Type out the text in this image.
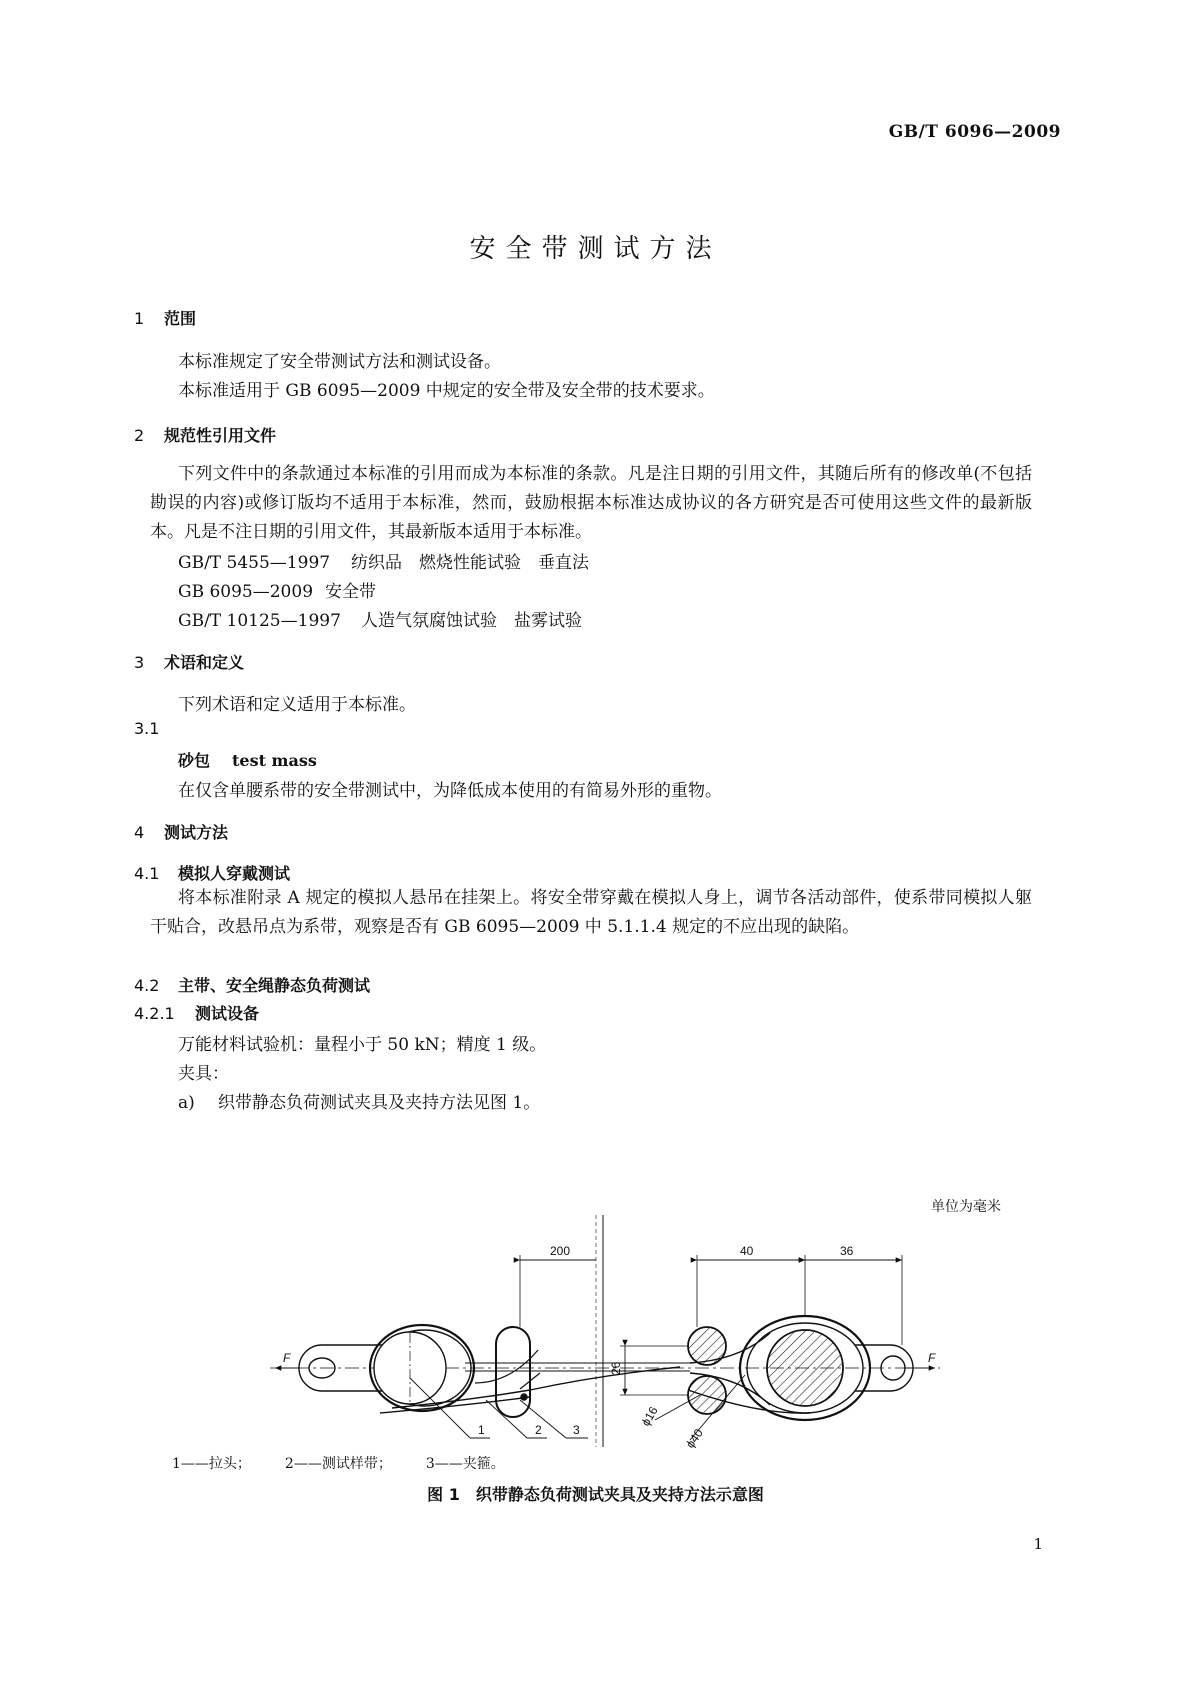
GB/T 6096—2009
安全带测试方法
1 范围
本标准规定了安全带测试方法和测试设备。
本标准适用于 GB 6095—2009 中规定的安全带及安全带的技术要求。
2 规范性引用文件
下列文件中的条款通过本标准的引用而成为本标准的条款。凡是注日期的引用文件，其随后所有的修改单(不包括勘误的内容)或修订版均不适用于本标准，然而，鼓励根据本标准达成协议的各方研究是否可使用这些文件的最新版本。凡是不注日期的引用文件，其最新版本适用于本标准。
GB/T 5455—1997 纺织品　燃烧性能试验　垂直法
GB 6095—2009 安全带
GB/T 10125—1997 人造气氛腐蚀试验　盐雾试验
3 术语和定义
下列术语和定义适用于本标准。
3.1
砂包 test mass
在仅含单腰系带的安全带测试中，为降低成本使用的有简易外形的重物。
4 测试方法
4.1 模拟人穿戴测试
将本标准附录 A 规定的模拟人悬吊在挂架上。将安全带穿戴在模拟人身上，调节各活动部件，使系带同模拟人躯干贴合，改悬吊点为系带，观察是否有 GB 6095—2009 中 5.1.1.4 规定的不应出现的缺陷。
4.2 主带、安全绳静态负荷测试
4.2.1 测试设备
万能材料试验机：量程小于 50 kN；精度 1 级。
夹具：
a) 织带静态负荷测试夹具及夹持方法见图 1。
单位为毫米
200	40	36
26
ϕ16
ϕ40
F	F
1	2	3
1——拉头； 2——测试样带； 3——夹箍。
图 1　织带静态负荷测试夹具及夹持方法示意图
1
